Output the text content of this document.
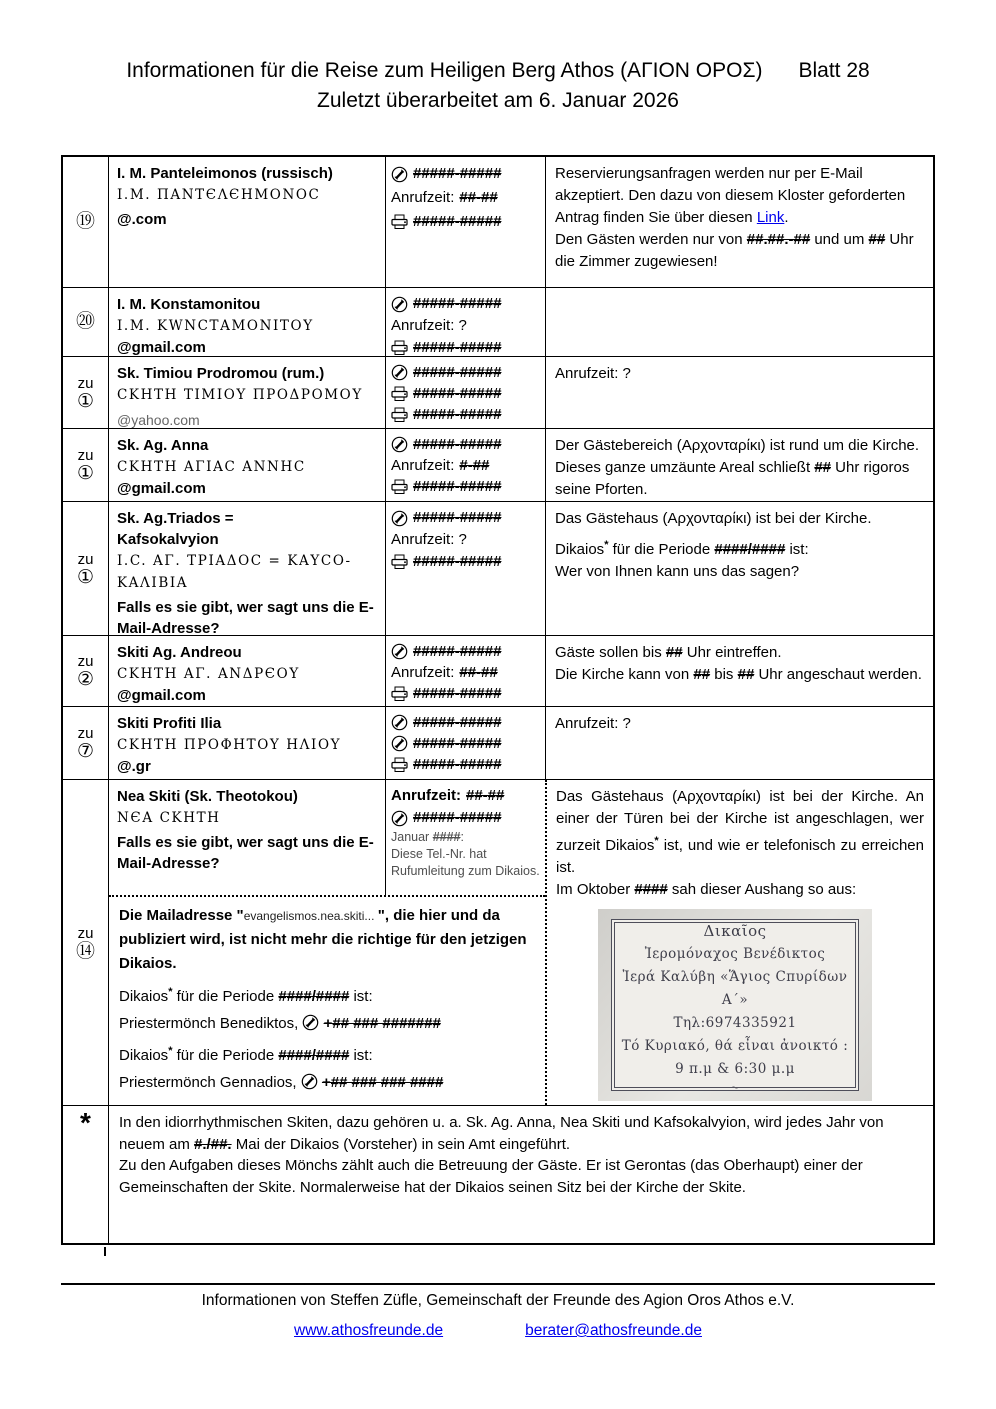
Informationen für die Reise zum Heiligen Berg Athos (ΑΓΙΟΝ ΟΡΟΣ) Blatt 28
Zuletzt überarbeitet am 6. Januar 2026
⑲
I. M. Panteleimonos (russisch)
Ι.Μ. ΠΑΝΤЄΛЄΗΜΟΝΟC
@.com
#####-#####
Anrufzeit: ##-##
#####-#####

Reservierungsanfragen werden nur per E-Mail akzeptiert. Den dazu von diesem Kloster geforderten Antrag finden Sie über diesen Link.

Den Gästen werden nur von ##.##.-## und um ## Uhr die Zimmer zugewiesen!

⑳
I. M. Konstamonitou
Ι.Μ. ΚWΝCΤΑΜΟΝΙΤΟΥ
@gmail.com
#####-#####
Anrufzeit: ?
#####-#####
zu
①
Sk. Timiou Prodromou (rum.)
CΚΗΤΗ ΤΙΜΙΟΥ ΠΡΟΔΡΟΜΟΥ
@yahoo.com
#####-#####
#####-#####
#####-#####

Anrufzeit: ?

zu
①
Sk. Ag. Anna
CΚΗΤΗ ΑΓΙΑC ΑΝΝΗC
@gmail.com
#####-#####
Anrufzeit: #-##
#####-#####

Der Gästebereich (Αρχονταρίκι) ist rund um die Kirche. Dieses ganze umzäunte Areal schließt ## Uhr rigoros seine Pforten.

zu
①
Sk. Ag.Triados =
Kafsokalvyion
Ι.C. ΑΓ. ΤΡΙΑΔΟC = ΚΑΥCΟ-
ΚΑΛΙΒΙΑ
Falls es sie gibt, wer sagt uns die E-Mail-Adresse?
#####-#####
Anrufzeit: ?
#####-#####

Das Gästehaus (Αρχονταρίκι) ist bei der Kirche.

Dikaios* für die Periode ####/#### ist:

Wer von Ihnen kann uns das sagen?

zu
②
Skiti Ag. Andreou
CΚΗΤΗ ΑΓ. ΑΝΔΡЄΟΥ
@gmail.com
#####-#####
Anrufzeit: ##-##
#####-#####

Gäste sollen bis ## Uhr eintreffen.

Die Kirche kann von ## bis ## Uhr angeschaut werden.

zu
⑦
Skiti Profiti Ilia
CΚΗΤΗ ΠΡΟΦΗΤΟΥ ΗΛΙΟΥ
@.gr
#####-#####
#####-#####
#####-#####

Anrufzeit: ?

zu
⑭
Nea Skiti (Sk. Theotokou)
ΝЄΑ CΚΗΤΗ
Falls es sie gibt, wer sagt uns die E-Mail-Adresse?
Anrufzeit: ##-##
#####-#####
Januar ####:
Diese Tel.-Nr. hat Rufumleitung zum Dikaios.

Die Mailadresse "evangelismos.nea.skiti... ", die hier und da publiziert wird, ist nicht mehr die richtige für den jetzigen Dikaios.

Dikaios* für die Periode ####/#### ist:

Priestermönch Benediktos,  +## ### #######

Dikaios* für die Periode ####/#### ist:

Priestermönch Gennadios,  +## ### ### ####

Das Gästehaus (Αρχονταρίκι) ist bei der Kirche. An einer der Türen bei der Kirche ist angeschlagen, wer zurzeit Dikaios* ist, und wie er telefonisch zu erreichen ist.

Im Oktober #### sah dieser Aushang so aus:

Δικαῖος
Ἰερομόναχος Βενέδικτος
Ἰερά Καλύβη «Ἅγιος Cπυρίδων Α΄»
Τηλ:6974335921
Τό Κυριακό, θά εἶναι ἀνοικτό :
9 π.μ & 6:30 μ.μ
* In den idiorrhythmischen Skiten, dazu gehören u. a. Sk. Ag. Anna, Nea Skiti und Kafsokalvyion, wird jedes Jahr von neuem am #./##. Mai der Dikaios (Vorsteher) in sein Amt eingeführt.

Zu den Aufgaben dieses Mönchs zählt auch die Betreuung der Gäste. Er ist Gerontas (das Oberhaupt) einer der Gemeinschaften der Skite. Normalerweise hat der Dikaios seinen Sitz bei der Kirche der Skite.

Informationen von Steffen Züfle, Gemeinschaft der Freunde des Agion Oros Athos e.V.
www.athosfreunde.de	berater@athosfreunde.de
